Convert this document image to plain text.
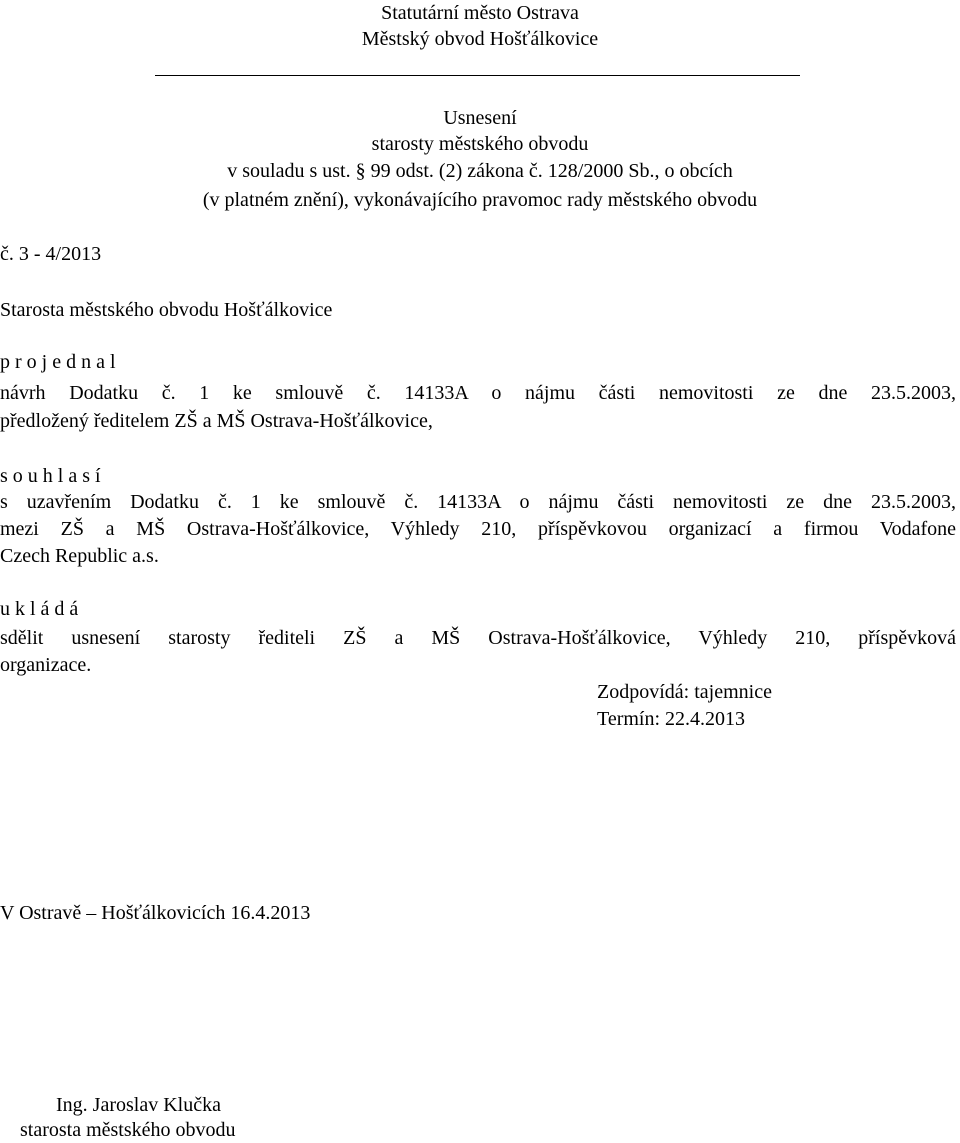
Statutární město Ostrava
Městský obvod Hošťálkovice
Usnesení
starosty městského obvodu
v souladu s ust. § 99 odst. (2) zákona č. 128/2000 Sb., o obcích
(v platném znění), vykonávajícího pravomoc rady městského obvodu
č. 3 - 4/2013
Starosta městského obvodu Hošťálkovice
p r o j e d n a l
návrh Dodatku č. 1 ke smlouvě č. 14133A o nájmu části nemovitosti ze dne 23.5.2003,
předložený ředitelem ZŠ a MŠ Ostrava-Hošťálkovice,
s o u h l a s í
s uzavřením Dodatku č. 1 ke smlouvě č. 14133A o nájmu části nemovitosti ze dne 23.5.2003,
mezi ZŠ a MŠ Ostrava-Hošťálkovice, Výhledy 210, příspěvkovou organizací a firmou Vodafone
Czech Republic a.s.
u k l á d á
sdělit usnesení starosty řediteli ZŠ a MŠ Ostrava-Hošťálkovice, Výhledy 210, příspěvková
organizace.
Zodpovídá: tajemnice
Termín: 22.4.2013
V Ostravě – Hošťálkovicích 16.4.2013
Ing. Jaroslav Klučka
starosta městského obvodu
